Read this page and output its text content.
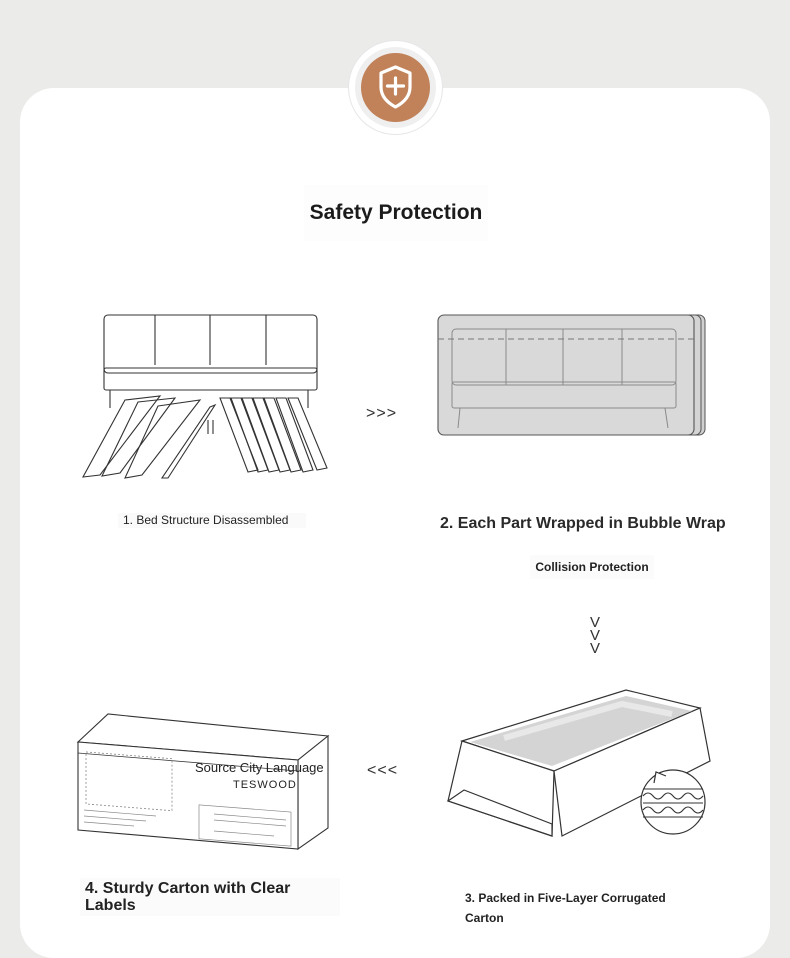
Safety Protection
>>>
1. Bed Structure Disassembled	2. Each Part Wrapped in Bubble Wrap
Collision Protection
V
V
V
Source City Language
TESWOOD
<<<
4. Sturdy Carton with Clear Labels	3. Packed in Five-Layer Corrugated Carton
